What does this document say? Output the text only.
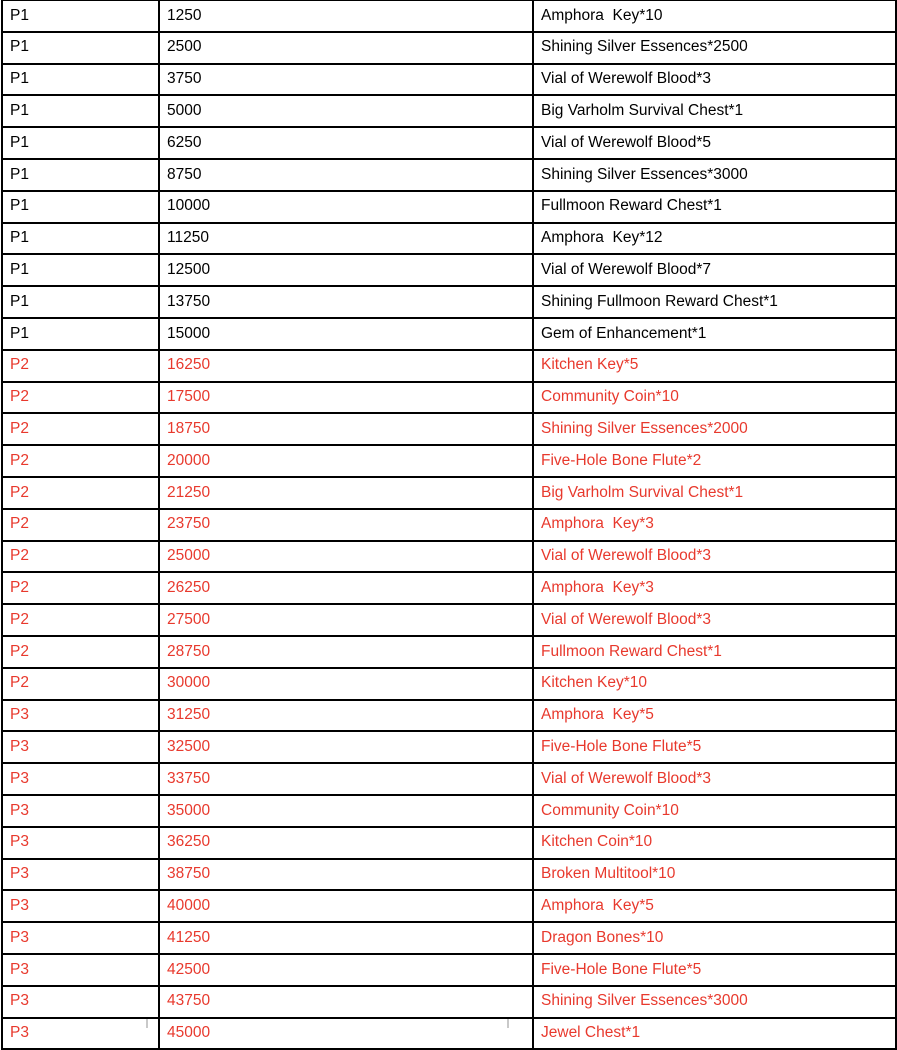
P1	1250	Amphora  Key*10
P1	2500	Shining Silver Essences*2500
P1	3750	Vial of Werewolf Blood*3
P1	5000	Big Varholm Survival Chest*1
P1	6250	Vial of Werewolf Blood*5
P1	8750	Shining Silver Essences*3000
P1	10000	Fullmoon Reward Chest*1
P1	11250	Amphora  Key*12
P1	12500	Vial of Werewolf Blood*7
P1	13750	Shining Fullmoon Reward Chest*1
P1	15000	Gem of Enhancement*1
P2	16250	Kitchen Key*5
P2	17500	Community Coin*10
P2	18750	Shining Silver Essences*2000
P2	20000	Five-Hole Bone Flute*2
P2	21250	Big Varholm Survival Chest*1
P2	23750	Amphora  Key*3
P2	25000	Vial of Werewolf Blood*3
P2	26250	Amphora  Key*3
P2	27500	Vial of Werewolf Blood*3
P2	28750	Fullmoon Reward Chest*1
P2	30000	Kitchen Key*10
P3	31250	Amphora  Key*5
P3	32500	Five-Hole Bone Flute*5
P3	33750	Vial of Werewolf Blood*3
P3	35000	Community Coin*10
P3	36250	Kitchen Coin*10
P3	38750	Broken Multitool*10
P3	40000	Amphora  Key*5
P3	41250	Dragon Bones*10
P3	42500	Five-Hole Bone Flute*5
P3	43750	Shining Silver Essences*3000
P3	45000	Jewel Chest*1
